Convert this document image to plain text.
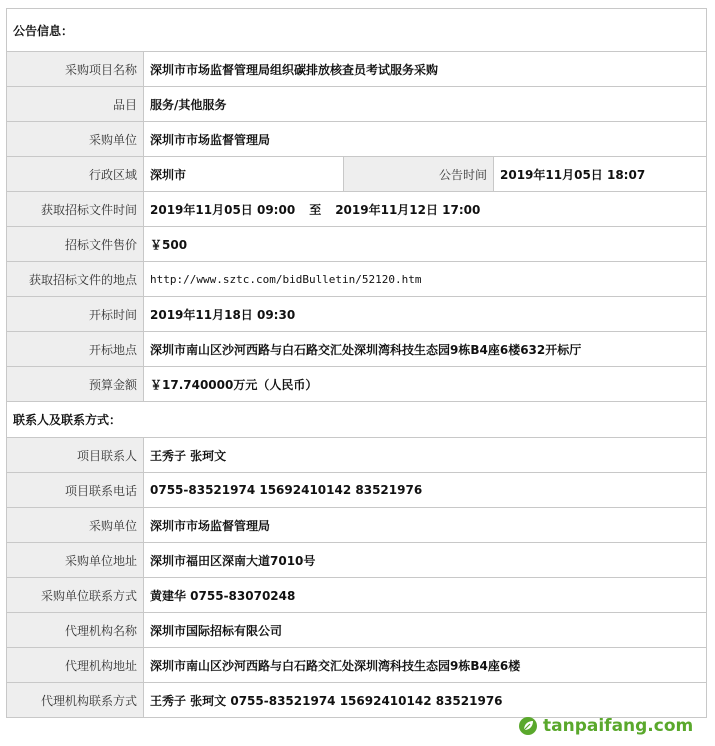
公告信息：			
采购项目名称	深圳市市场监督管理局组织碳排放核查员考试服务采购		
品目	服务/其他服务		
采购单位	深圳市市场监督管理局		
行政区域	深圳市	公告时间	2019年11月05日 18:07
获取招标文件时间	2019年11月05日 09:00 至 2019年11月12日 17:00		
招标文件售价	￥500		
获取招标文件的地点	http://www.sztc.com/bidBulletin/52120.htm		
开标时间	2019年11月18日 09:30		
开标地点	深圳市南山区沙河西路与白石路交汇处深圳湾科技生态园9栋B4座6楼632开标厅		
预算金额	￥17.740000万元（人民币）		
联系人及联系方式：			
项目联系人	王秀子 张珂文		
项目联系电话	0755-83521974 15692410142 83521976		
采购单位	深圳市市场监督管理局		
采购单位地址	深圳市福田区深南大道7010号		
采购单位联系方式	黄建华 0755-83070248		
代理机构名称	深圳市国际招标有限公司		
代理机构地址	深圳市南山区沙河西路与白石路交汇处深圳湾科技生态园9栋B4座6楼		
代理机构联系方式	王秀子 张珂文 0755-83521974 15692410142 83521976		
tanpaifang.com
